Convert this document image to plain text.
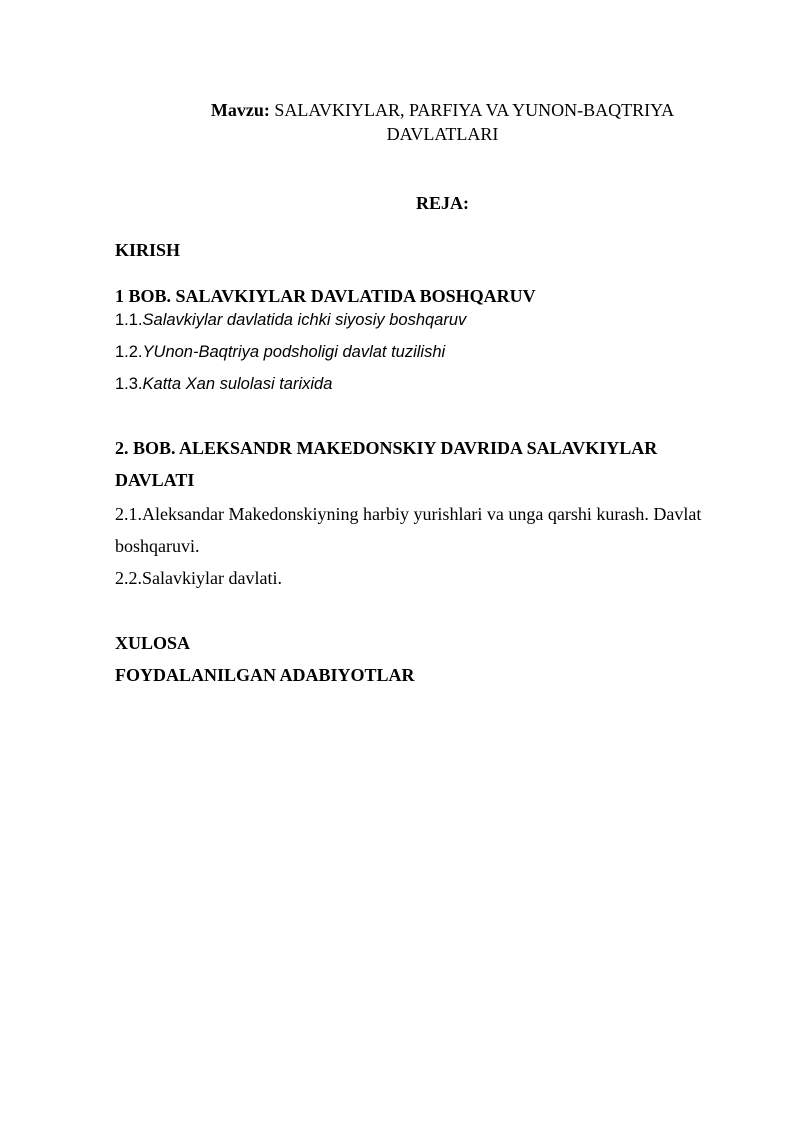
Mavzu: SALAVKIYLAR, PARFIYA VA YUNON-BAQTRIYA
DAVLATLARI
REJA:
KIRISH
1 BOB. SALAVKIYLAR DAVLATIDA BOSHQARUV
1.1.Salavkiylar davlatida ichki siyosiy boshqaruv
1.2.YUnon-Baqtriya podsholigi davlat tuzilishi
1.3.Katta Xan sulolasi tarixida
2. BOB. ALEKSANDR MAKEDONSKIY DAVRIDA SALAVKIYLAR
DAVLATI
2.1.Aleksandar Makedonskiyning harbiy yurishlari va unga qarshi kurash. Davlat
boshqaruvi.
2.2.Salavkiylar davlati.
XULOSA
FOYDALANILGAN ADABIYOTLAR
